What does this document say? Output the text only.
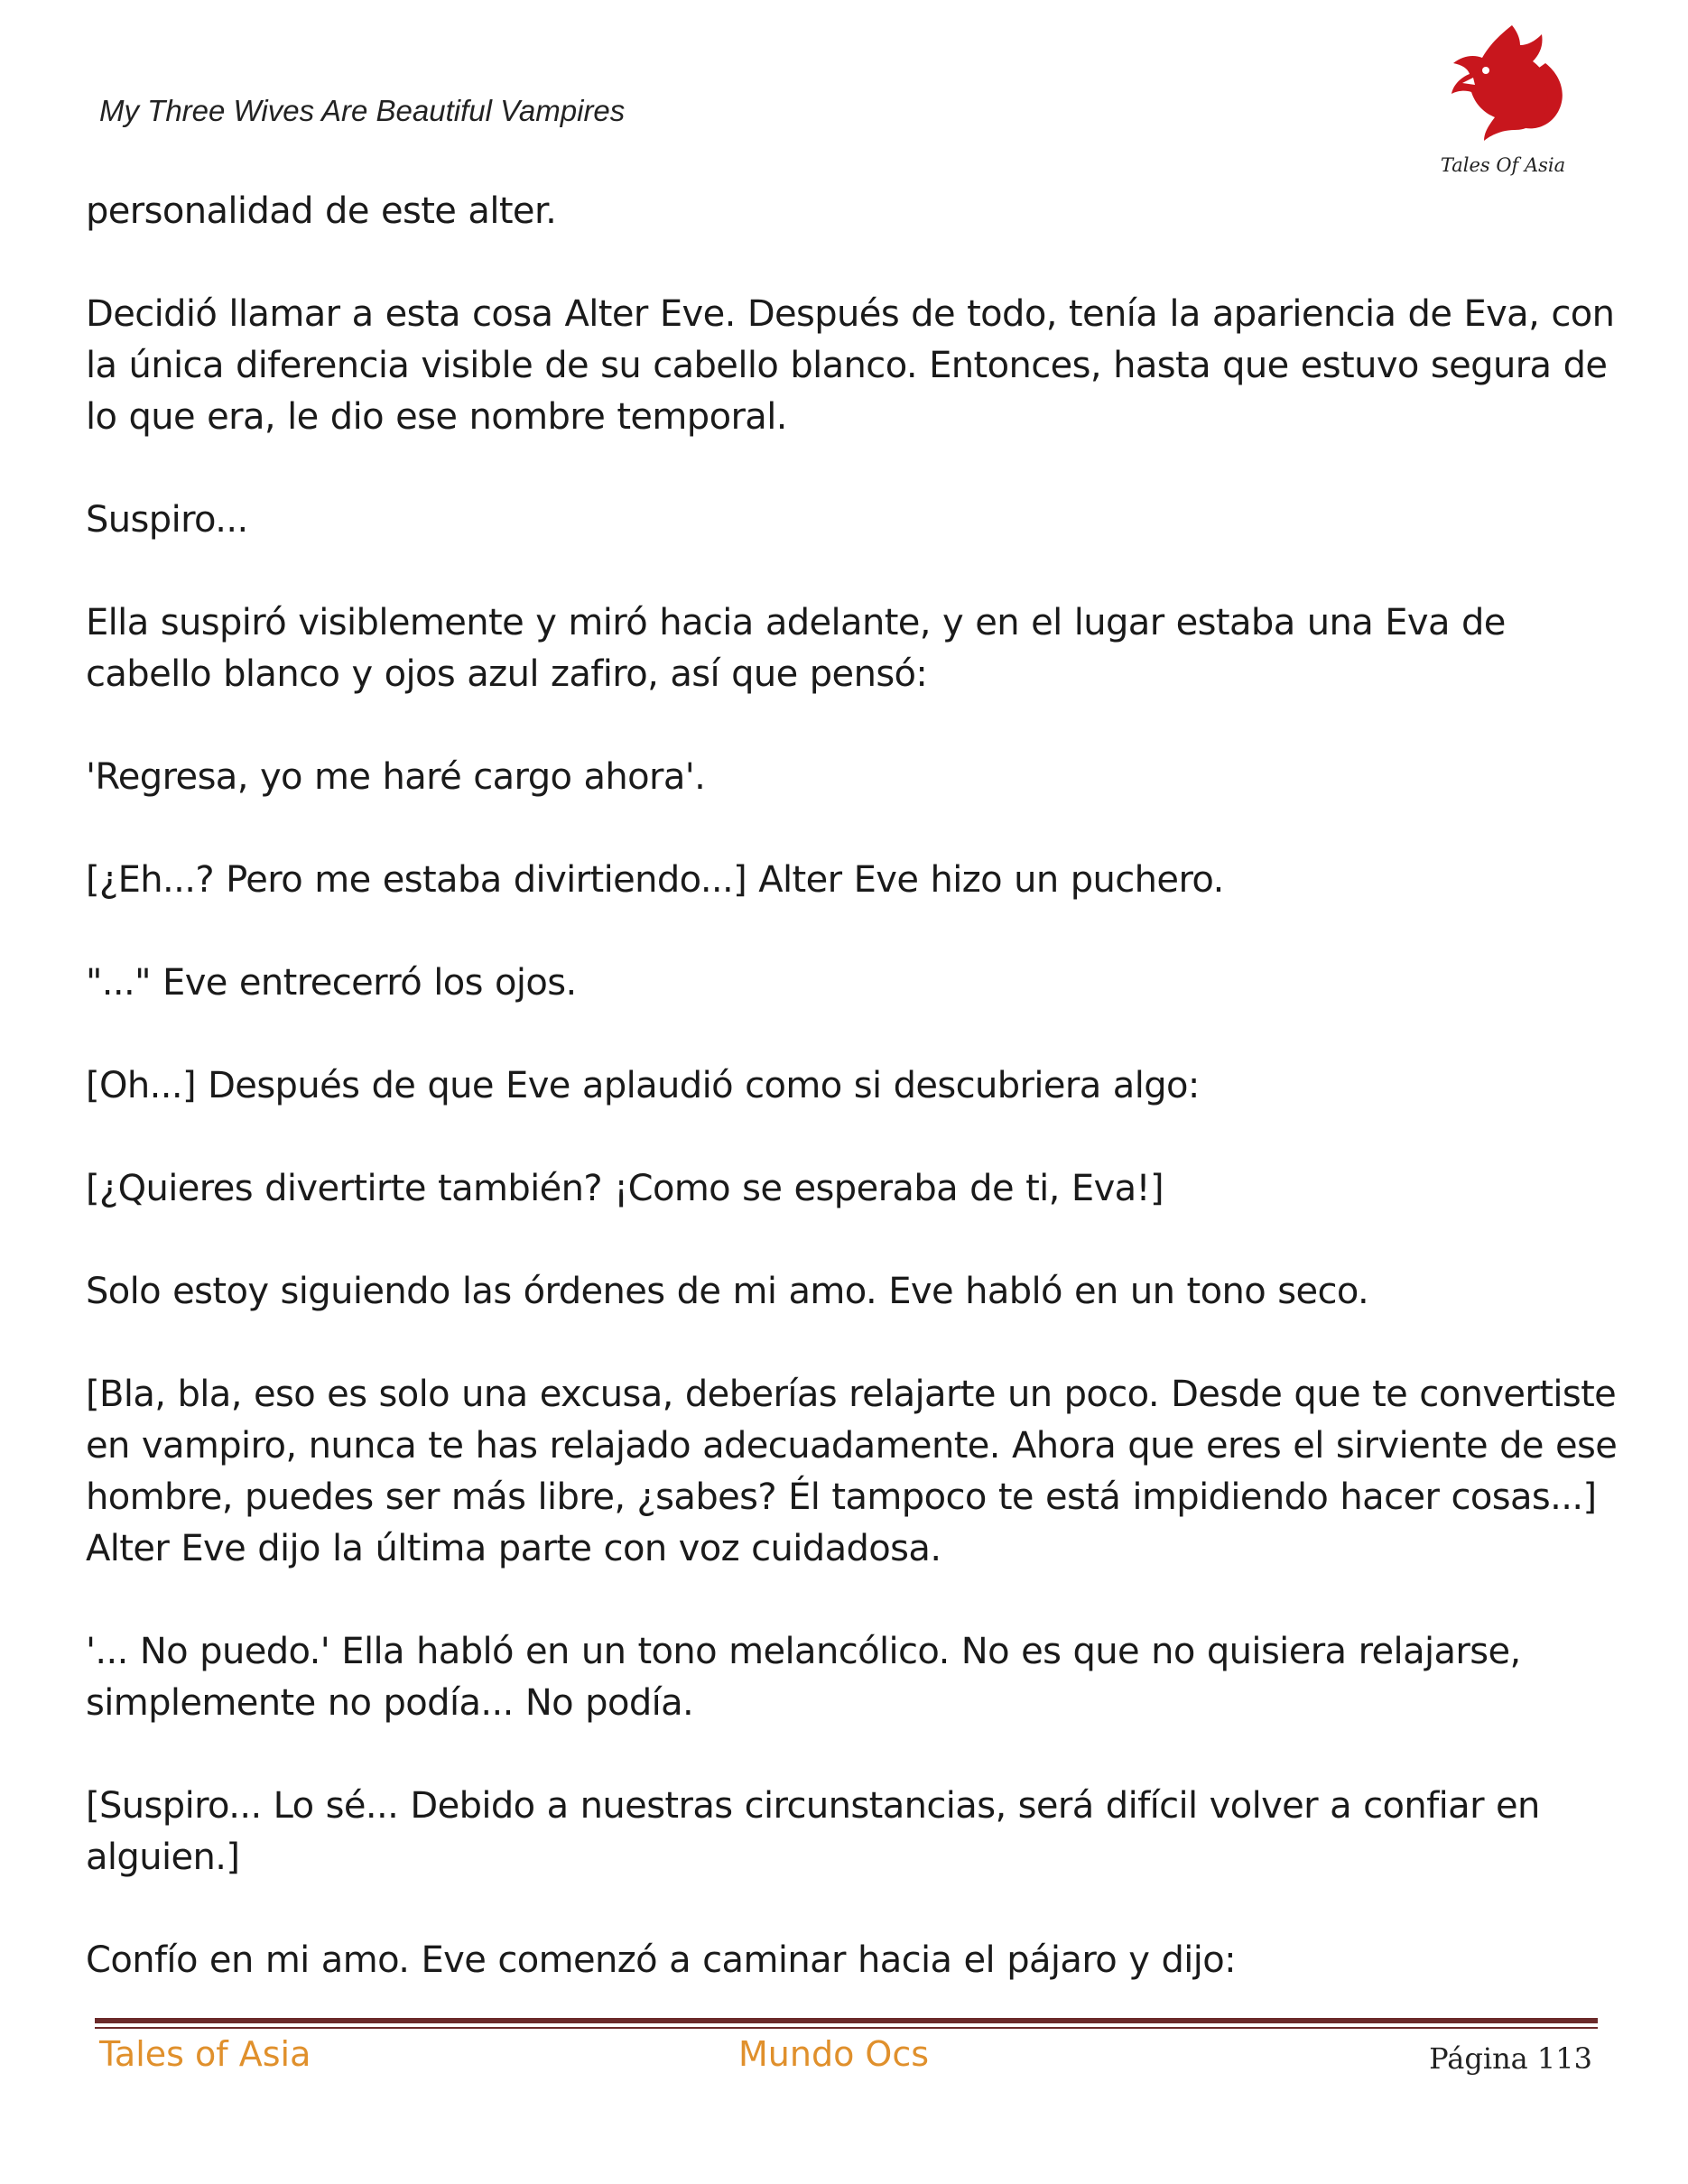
My Three Wives Are Beautiful Vampires
Tales Of Asia

personalidad de este alter.

Decidió llamar a esta cosa Alter Eve. Después de todo, tenía la apariencia de Eva, con la única diferencia visible de su cabello blanco. Entonces, hasta que estuvo segura de lo que era, le dio ese nombre temporal.

Suspiro...

Ella suspiró visiblemente y miró hacia adelante, y en el lugar estaba una Eva de cabello blanco y ojos azul zafiro, así que pensó:

'Regresa, yo me haré cargo ahora'.

[¿Eh...? Pero me estaba divirtiendo...] Alter Eve hizo un puchero.

"..." Eve entrecerró los ojos.

[Oh...] Después de que Eve aplaudió como si descubriera algo:

[¿Quieres divertirte también? ¡Como se esperaba de ti, Eva!]

Solo estoy siguiendo las órdenes de mi amo. Eve habló en un tono seco.

[Bla, bla, eso es solo una excusa, deberías relajarte un poco. Desde que te convertiste en vampiro, nunca te has relajado adecuadamente. Ahora que eres el sirviente de ese hombre, puedes ser más libre, ¿sabes? Él tampoco te está impidiendo hacer cosas...] Alter Eve dijo la última parte con voz cuidadosa.

'... No puedo.' Ella habló en un tono melancólico. No es que no quisiera relajarse, simplemente no podía... No podía.

[Suspiro... Lo sé... Debido a nuestras circunstancias, será difícil volver a confiar en alguien.]

Confío en mi amo. Eve comenzó a caminar hacia el pájaro y dijo:

Tales of Asia	Mundo Ocs	Página 113
